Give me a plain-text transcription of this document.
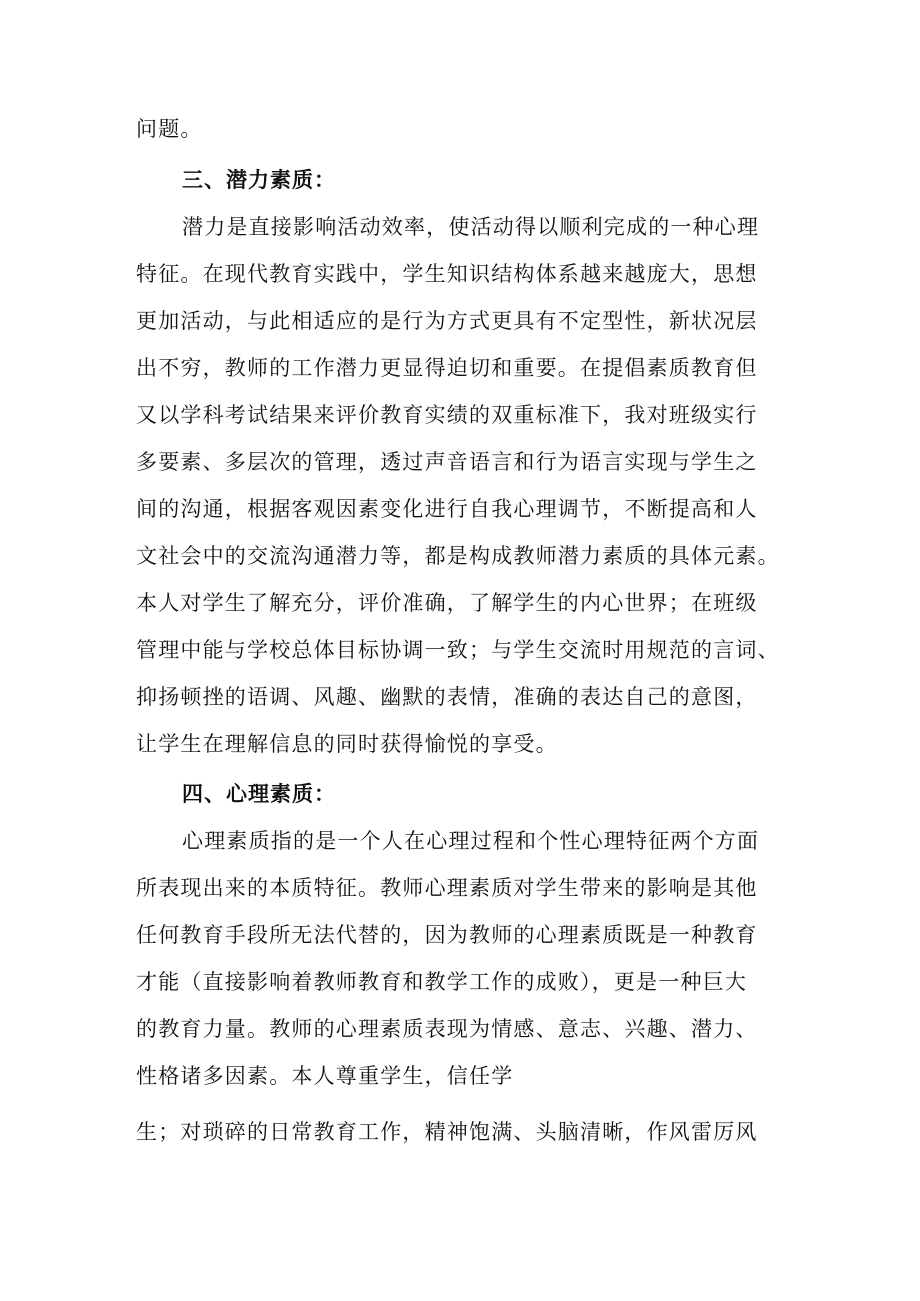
问题。
三、潜力素质：
潜力是直接影响活动效率，使活动得以顺利完成的一种心理
特征。在现代教育实践中，学生知识结构体系越来越庞大，思想
更加活动，与此相适应的是行为方式更具有不定型性，新状况层
出不穷，教师的工作潜力更显得迫切和重要。在提倡素质教育但
又以学科考试结果来评价教育实绩的双重标准下，我对班级实行
多要素、多层次的管理，透过声音语言和行为语言实现与学生之
间的沟通，根据客观因素变化进行自我心理调节，不断提高和人
文社会中的交流沟通潜力等，都是构成教师潜力素质的具体元素。
本人对学生了解充分，评价准确，了解学生的内心世界；在班级
管理中能与学校总体目标协调一致；与学生交流时用规范的言词、
抑扬顿挫的语调、风趣、幽默的表情，准确的表达自己的意图，
让学生在理解信息的同时获得愉悦的享受。
四、心理素质：
心理素质指的是一个人在心理过程和个性心理特征两个方面
所表现出来的本质特征。教师心理素质对学生带来的影响是其他
任何教育手段所无法代替的，因为教师的心理素质既是一种教育
才能（直接影响着教师教育和教学工作的成败），更是一种巨大
的教育力量。教师的心理素质表现为情感、意志、兴趣、潜力、
性格诸多因素。本人尊重学生，信任学
生；对琐碎的日常教育工作，精神饱满、头脑清晰，作风雷厉风
